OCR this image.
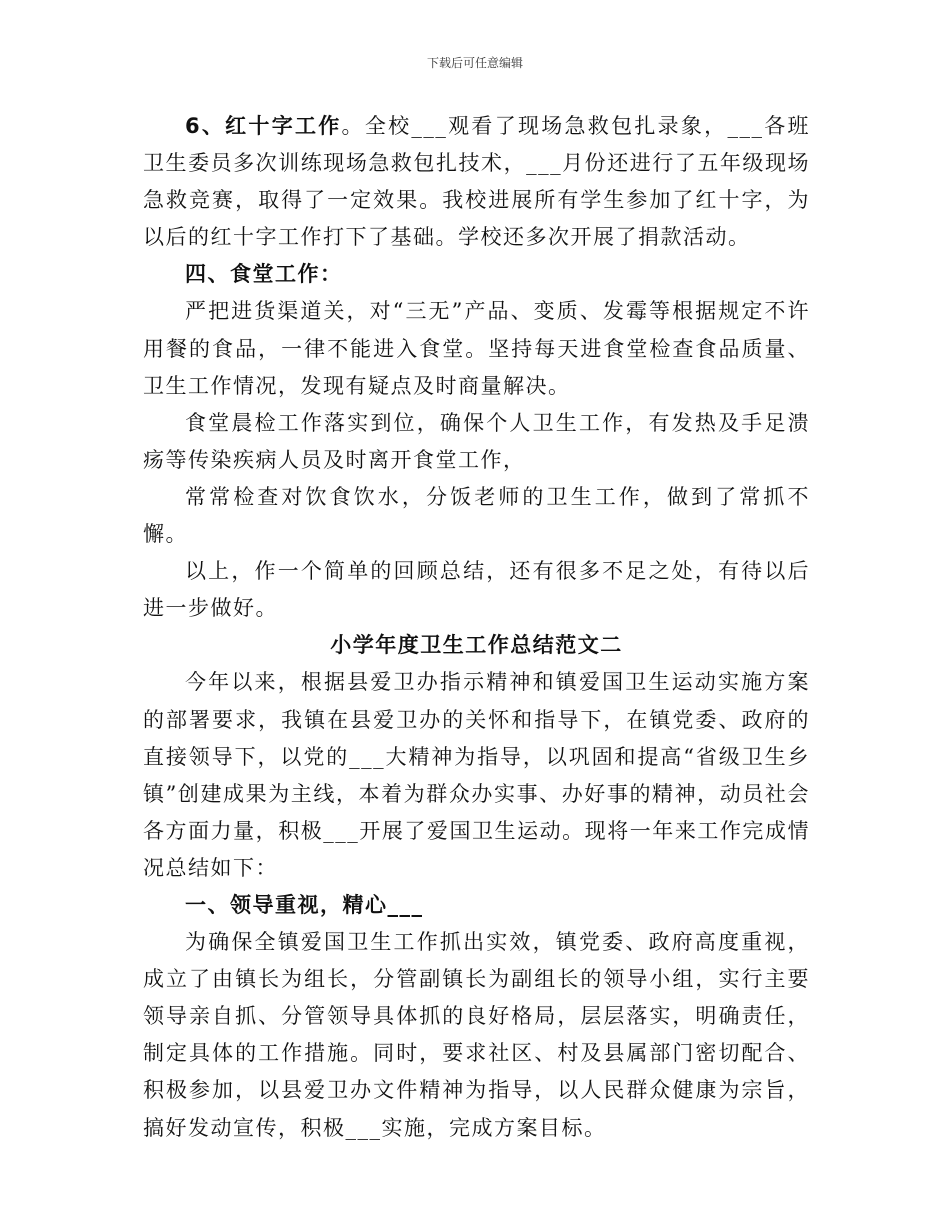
下载后可任意编辑

6、红十字工作。全校___观看了现场急救包扎录象，___各班卫生委员多次训练现场急救包扎技术，___月份还进行了五年级现场急救竞赛，取得了一定效果。我校进展所有学生参加了红十字，为以后的红十字工作打下了基础。学校还多次开展了捐款活动。

四、食堂工作：

严把进货渠道关，对“三无”产品、变质、发霉等根据规定不许用餐的食品，一律不能进入食堂。坚持每天进食堂检查食品质量、卫生工作情况，发现有疑点及时商量解决。

食堂晨检工作落实到位，确保个人卫生工作，有发热及手足溃疡等传染疾病人员及时离开食堂工作，

常常检查对饮食饮水，分饭老师的卫生工作，做到了常抓不懈。

以上，作一个简单的回顾总结，还有很多不足之处，有待以后进一步做好。

小学年度卫生工作总结范文二

今年以来，根据县爱卫办指示精神和镇爱国卫生运动实施方案的部署要求，我镇在县爱卫办的关怀和指导下，在镇党委、政府的直接领导下，以党的___大精神为指导，以巩固和提高“省级卫生乡镇”创建成果为主线，本着为群众办实事、办好事的精神，动员社会各方面力量，积极___开展了爱国卫生运动。现将一年来工作完成情况总结如下：

一、领导重视，精心___

为确保全镇爱国卫生工作抓出实效，镇党委、政府高度重视，成立了由镇长为组长，分管副镇长为副组长的领导小组，实行主要领导亲自抓、分管领导具体抓的良好格局，层层落实，明确责任，制定具体的工作措施。同时，要求社区、村及县属部门密切配合、积极参加，以县爱卫办文件精神为指导，以人民群众健康为宗旨，搞好发动宣传，积极___实施，完成方案目标。
